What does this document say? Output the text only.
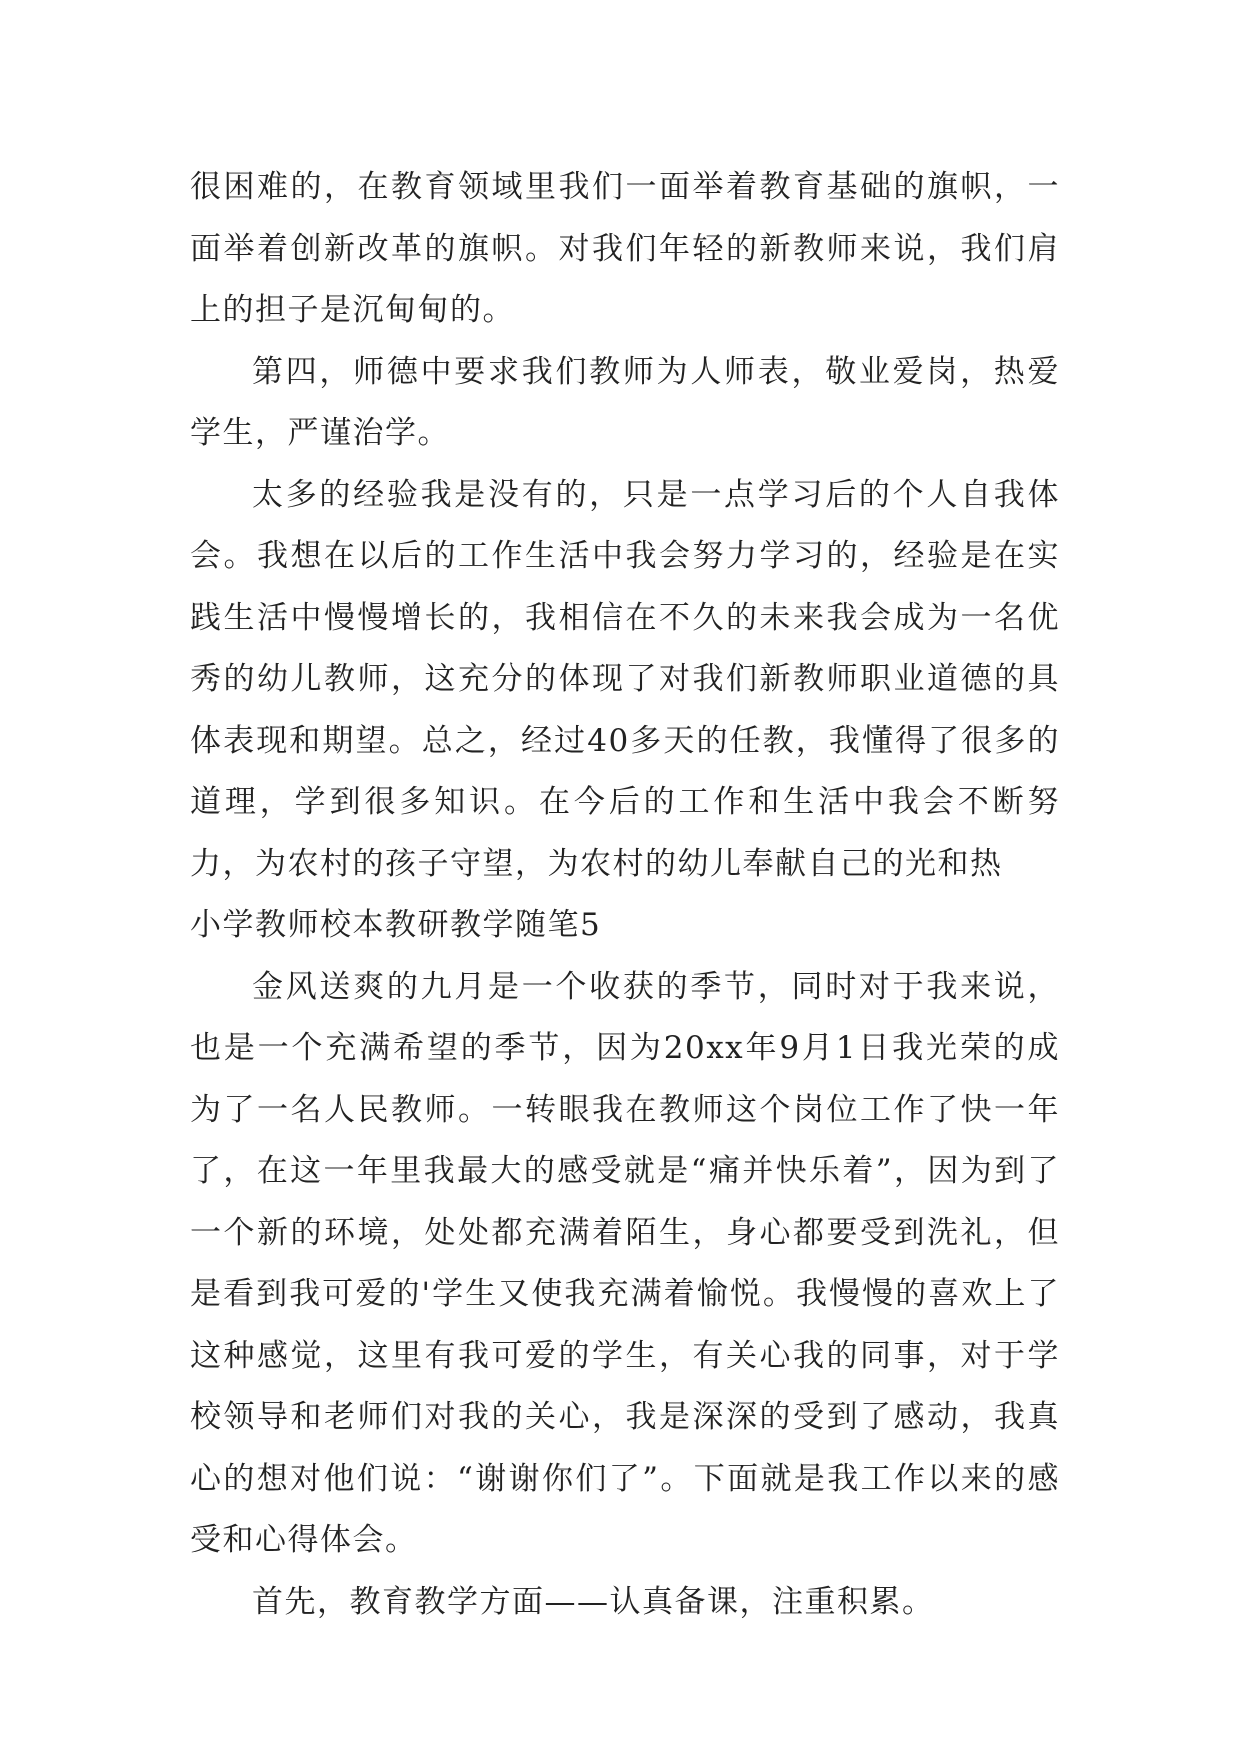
很困难的，在教育领域里我们一面举着教育基础的旗帜，一面举着创新改革的旗帜。对我们年轻的新教师来说，我们肩上的担子是沉甸甸的。

第四，师德中要求我们教师为人师表，敬业爱岗，热爱学生，严谨治学。

太多的经验我是没有的，只是一点学习后的个人自我体会。我想在以后的工作生活中我会努力学习的，经验是在实践生活中慢慢增长的，我相信在不久的未来我会成为一名优秀的幼儿教师，这充分的体现了对我们新教师职业道德的具体表现和期望。总之，经过40多天的任教，我懂得了很多的道理，学到很多知识。在今后的工作和生活中我会不断努力，为农村的孩子守望，为农村的幼儿奉献自己的光和热

小学教师校本教研教学随笔5

金风送爽的九月是一个收获的季节，同时对于我来说，也是一个充满希望的季节，因为20xx年9月1日我光荣的成为了一名人民教师。一转眼我在教师这个岗位工作了快一年了，在这一年里我最大的感受就是“痛并快乐着”，因为到了一个新的环境，处处都充满着陌生，身心都要受到洗礼，但是看到我可爱的'学生又使我充满着愉悦。我慢慢的喜欢上了这种感觉，这里有我可爱的学生，有关心我的同事，对于学校领导和老师们对我的关心，我是深深的受到了感动，我真心的想对他们说：“谢谢你们了”。下面就是我工作以来的感受和心得体会。

首先，教育教学方面——认真备课，注重积累。
